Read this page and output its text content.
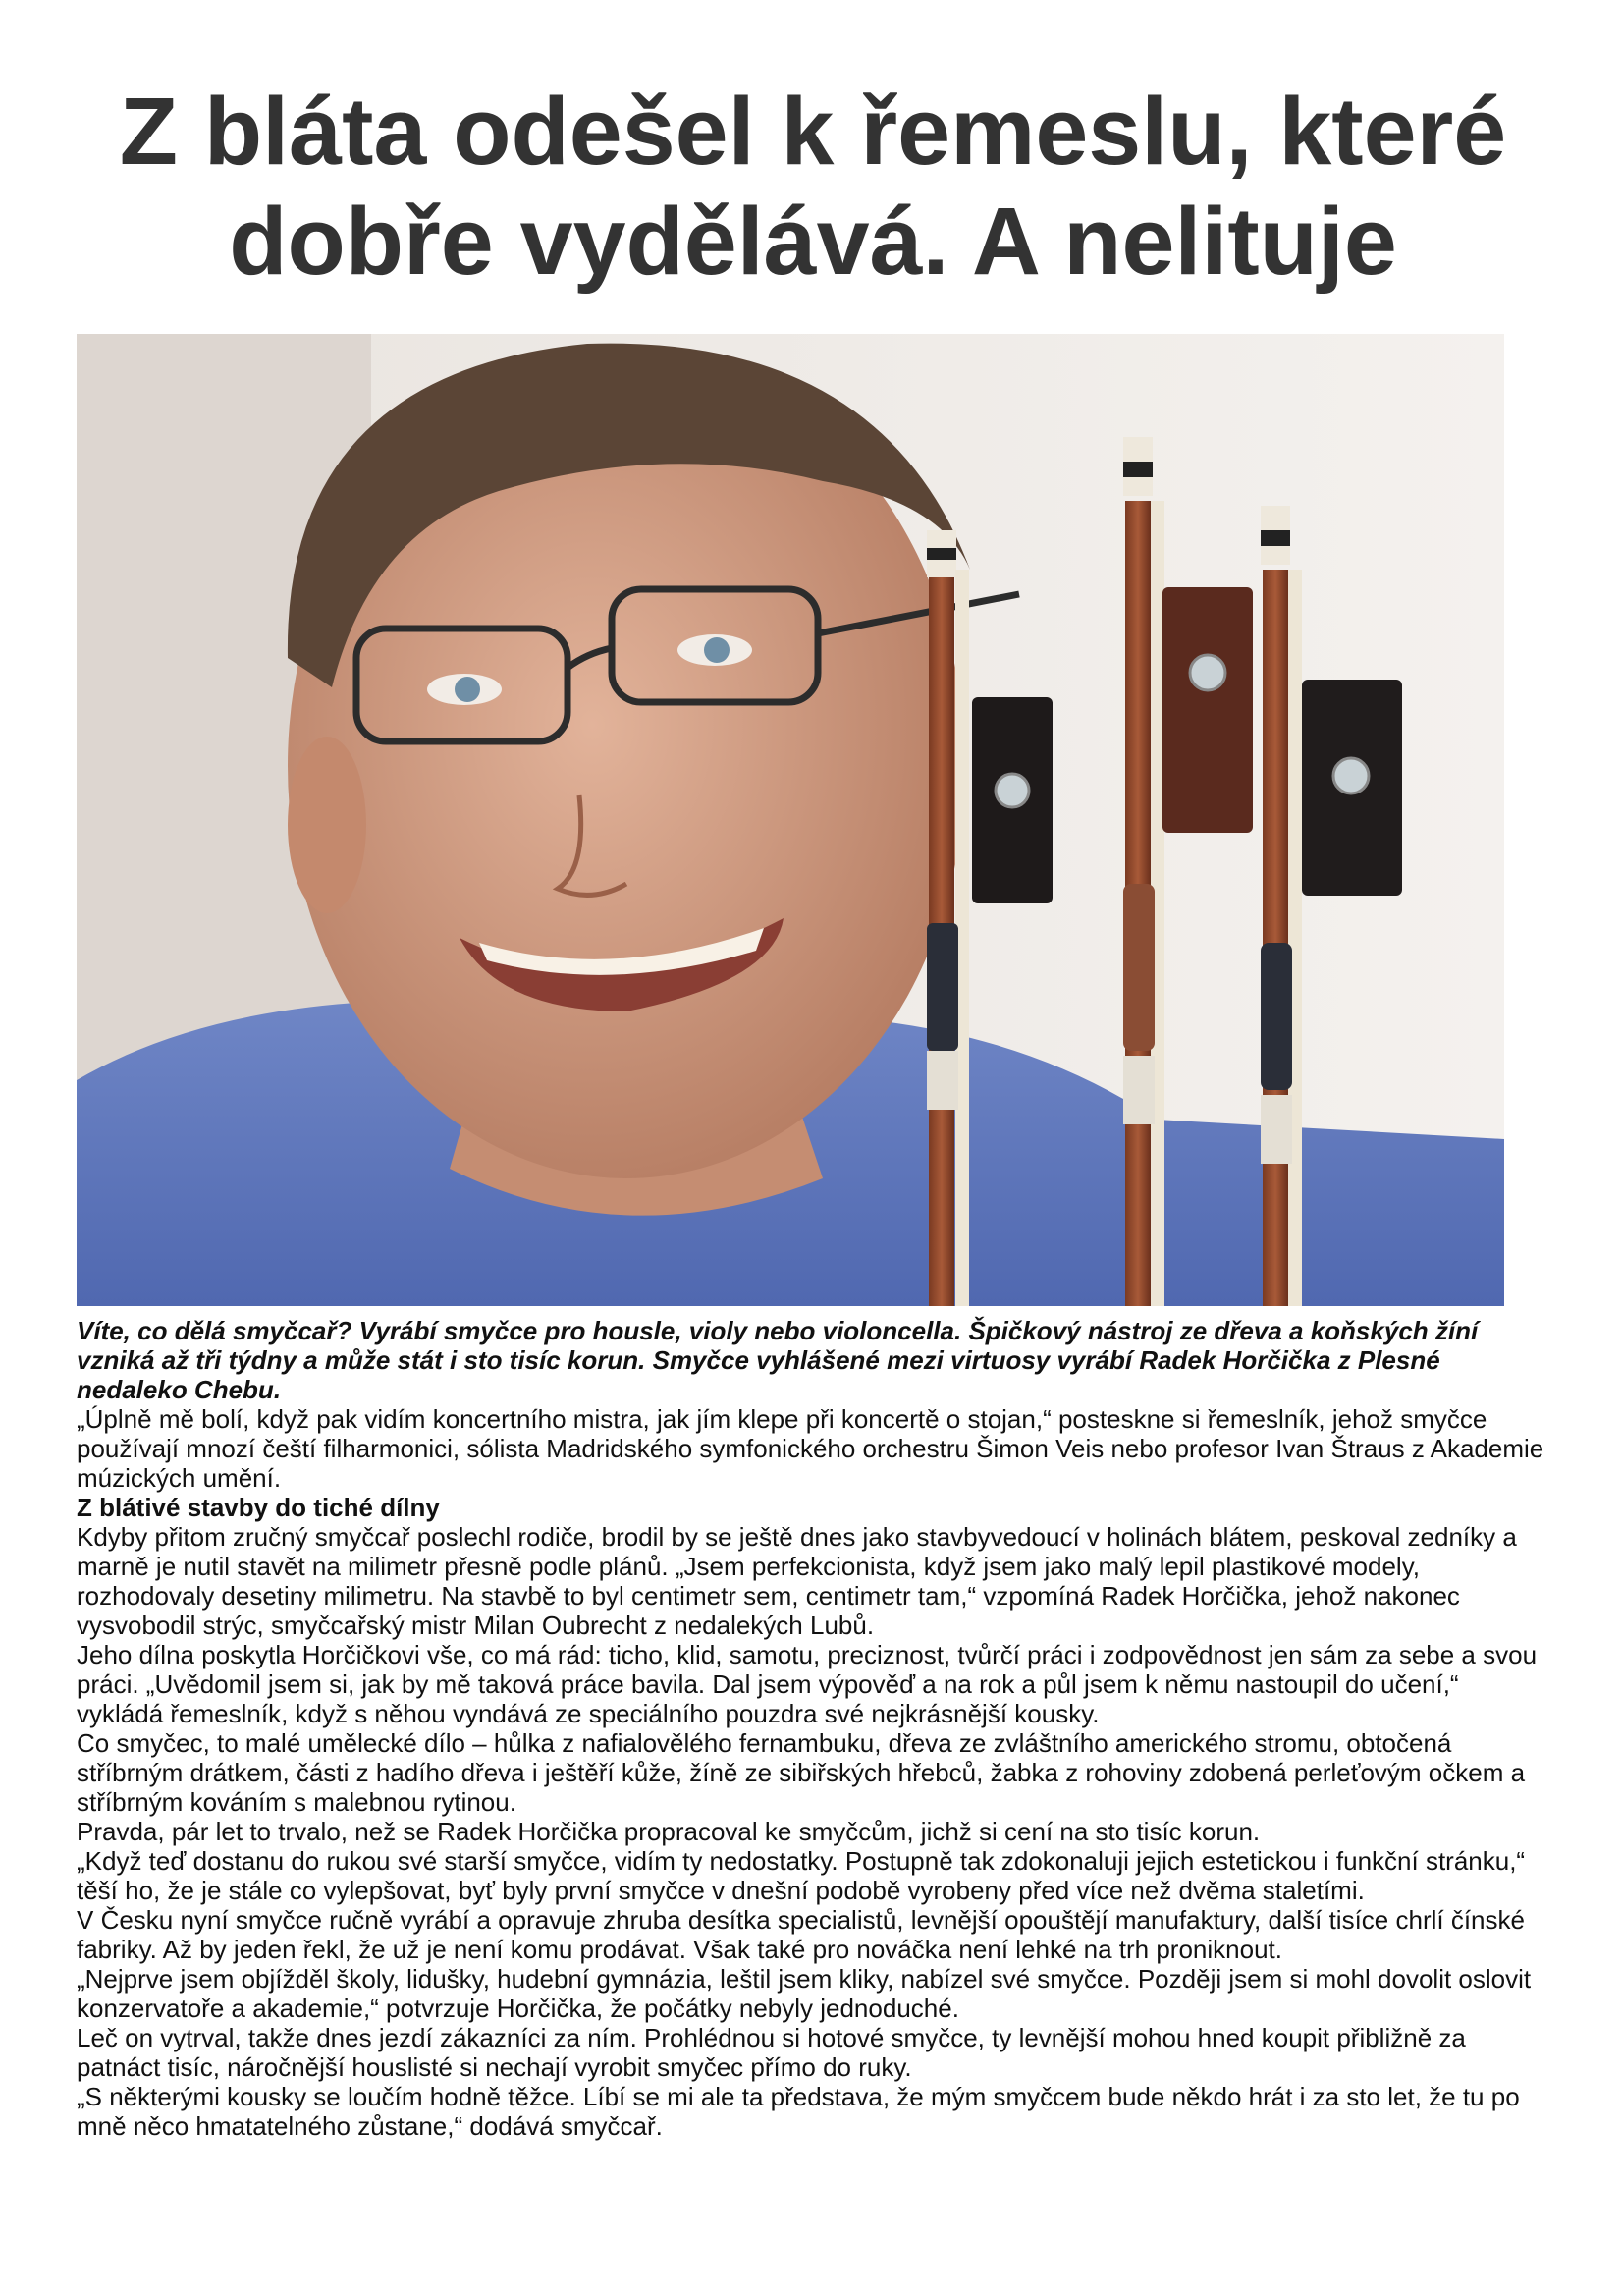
Z bláta odešel k řemeslu, které dobře vydělává. A nelituje

Víte, co dělá smyčcař? Vyrábí smyčce pro housle, violy nebo violoncella. Špičkový nástroj ze dřeva a koňských žíní vzniká až tři týdny a může stát i sto tisíc korun. Smyčce vyhlášené mezi virtuosy vyrábí Radek Horčička z Plesné nedaleko Chebu.

„Úplně mě bolí, když pak vidím koncertního mistra, jak jím klepe při koncertě o stojan,“ posteskne si řemeslník, jehož smyčce používají mnozí čeští filharmonici, sólista Madridského symfonického orchestru Šimon Veis nebo profesor Ivan Štraus z Akademie múzických umění.

Z blátivé stavby do tiché dílny

Kdyby přitom zručný smyčcař poslechl rodiče, brodil by se ještě dnes jako stavbyvedoucí v holinách blátem, peskoval zedníky a marně je nutil stavět na milimetr přesně podle plánů. „Jsem perfekcionista, když jsem jako malý lepil plastikové modely, rozhodovaly desetiny milimetru. Na stavbě to byl centimetr sem, centimetr tam,“ vzpomíná Radek Horčička, jehož nakonec vysvobodil strýc, smyčcařský mistr Milan Oubrecht z nedalekých Lubů.

Jeho dílna poskytla Horčičkovi vše, co má rád: ticho, klid, samotu, preciznost, tvůrčí práci i zodpovědnost jen sám za sebe a svou práci. „Uvědomil jsem si, jak by mě taková práce bavila. Dal jsem výpověď a na rok a půl jsem k němu nastoupil do učení,“ vykládá řemeslník, když s něhou vyndává ze speciálního pouzdra své nejkrásnější kousky.

Co smyčec, to malé umělecké dílo – hůlka z nafialovělého fernambuku, dřeva ze zvláštního amerického stromu, obtočená stříbrným drátkem, části z hadího dřeva i ještěří kůže, žíně ze sibiřských hřebců, žabka z rohoviny zdobená perleťovým očkem a stříbrným kováním s malebnou rytinou.

Pravda, pár let to trvalo, než se Radek Horčička propracoval ke smyčcům, jichž si cení na sto tisíc korun.

„Když teď dostanu do rukou své starší smyčce, vidím ty nedostatky. Postupně tak zdokonaluji jejich estetickou i funkční stránku,“ těší ho, že je stále co vylepšovat, byť byly první smyčce v dnešní podobě vyrobeny před více než dvěma staletími.

V Česku nyní smyčce ručně vyrábí a opravuje zhruba desítka specialistů, levnější opouštějí manufaktury, další tisíce chrlí čínské fabriky. Až by jeden řekl, že už je není komu prodávat. Však také pro nováčka není lehké na trh proniknout.

„Nejprve jsem objížděl školy, lidušky, hudební gymnázia, leštil jsem kliky, nabízel své smyčce. Později jsem si mohl dovolit oslovit konzervatoře a akademie,“ potvrzuje Horčička, že počátky nebyly jednoduché.

Leč on vytrval, takže dnes jezdí zákazníci za ním. Prohlédnou si hotové smyčce, ty levnější mohou hned koupit přibližně za patnáct tisíc, náročnější houslisté si nechají vyrobit smyčec přímo do ruky.

„S některými kousky se loučím hodně těžce. Líbí se mi ale ta představa, že mým smyčcem bude někdo hrát i za sto let, že tu po mně něco hmatatelného zůstane,“ dodává smyčcař.
